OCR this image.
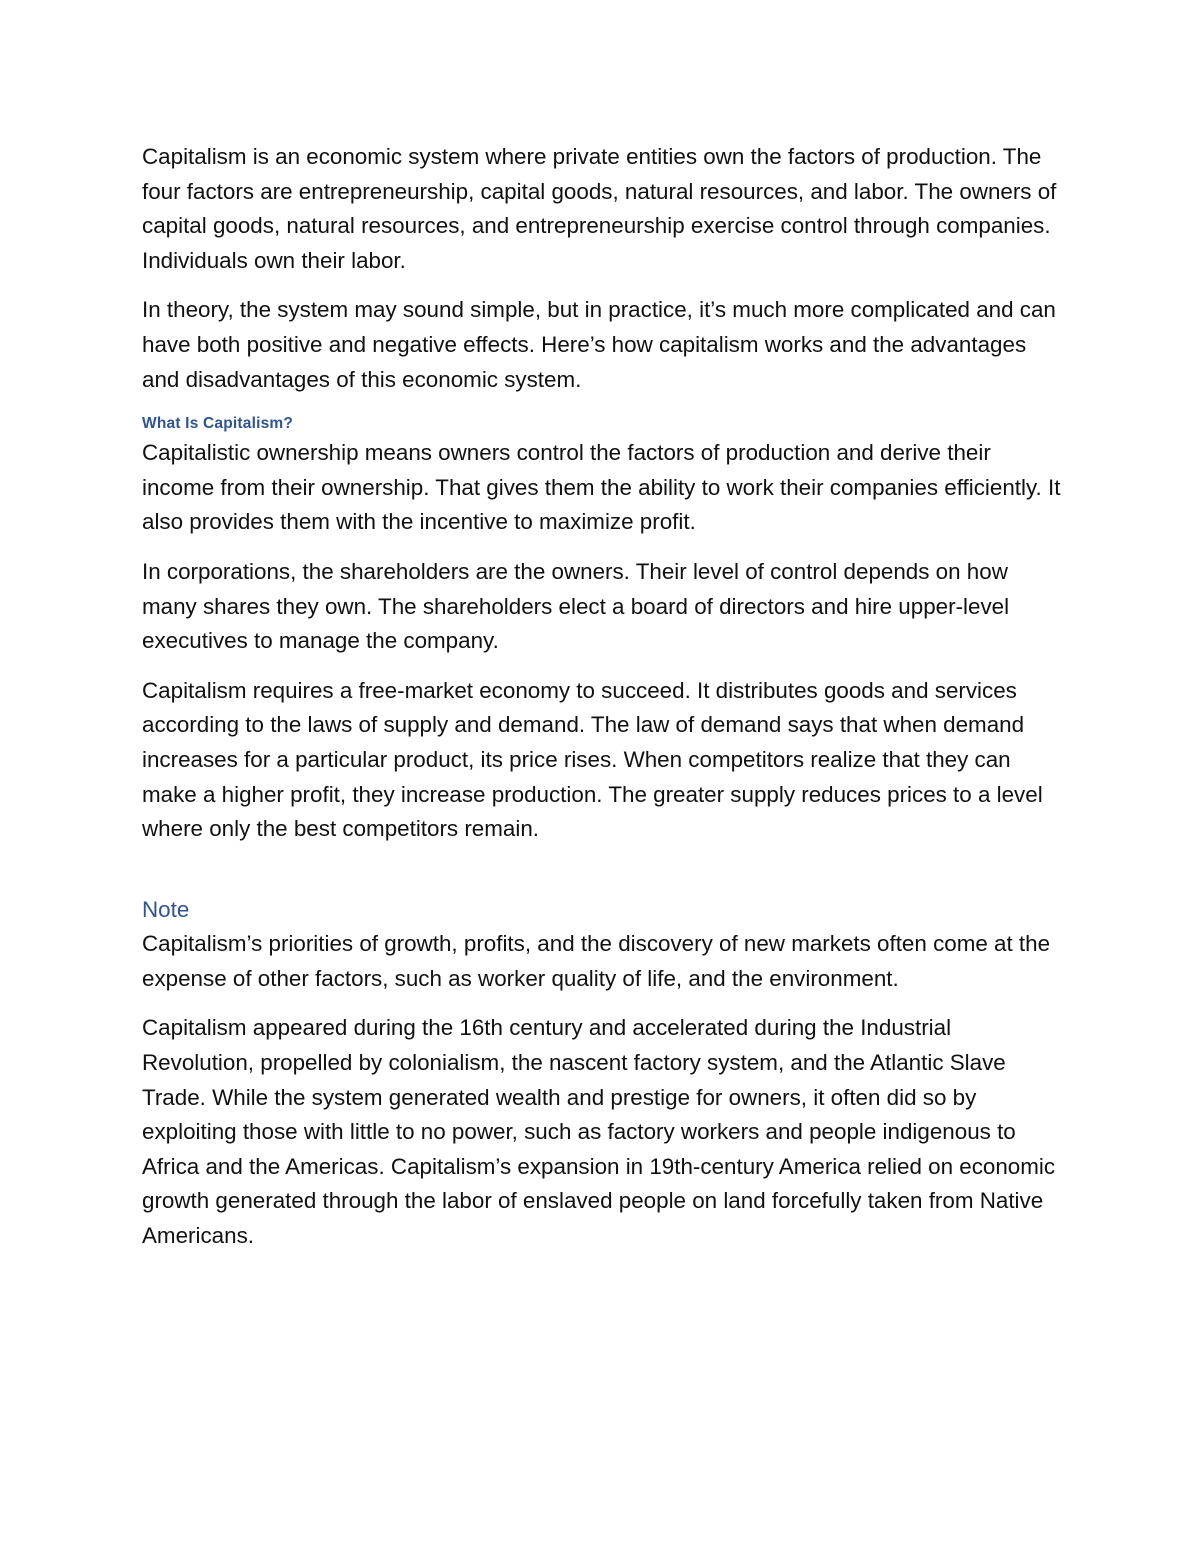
Capitalism is an economic system where private entities own the factors of production. The four factors are entrepreneurship, capital goods, natural resources, and labor. The owners of capital goods, natural resources, and entrepreneurship exercise control through companies. Individuals own their labor.

In theory, the system may sound simple, but in practice, it’s much more complicated and can have both positive and negative effects. Here’s how capitalism works and the advantages and disadvantages of this economic system.

What Is Capitalism?

Capitalistic ownership means owners control the factors of production and derive their income from their ownership. That gives them the ability to work their companies efficiently. It also provides them with the incentive to maximize profit.

In corporations, the shareholders are the owners. Their level of control depends on how many shares they own. The shareholders elect a board of directors and hire upper-level executives to manage the company.

Capitalism requires a free-market economy to succeed. It distributes goods and services according to the laws of supply and demand. The law of demand says that when demand increases for a particular product, its price rises. When competitors realize that they can make a higher profit, they increase production. The greater supply reduces prices to a level where only the best competitors remain.

Note

Capitalism’s priorities of growth, profits, and the discovery of new markets often come at the expense of other factors, such as worker quality of life, and the environment.

Capitalism appeared during the 16th century and accelerated during the Industrial Revolution, propelled by colonialism, the nascent factory system, and the Atlantic Slave Trade. While the system generated wealth and prestige for owners, it often did so by exploiting those with little to no power, such as factory workers and people indigenous to Africa and the Americas. Capitalism’s expansion in 19th-century America relied on economic growth generated through the labor of enslaved people on land forcefully taken from Native Americans.
